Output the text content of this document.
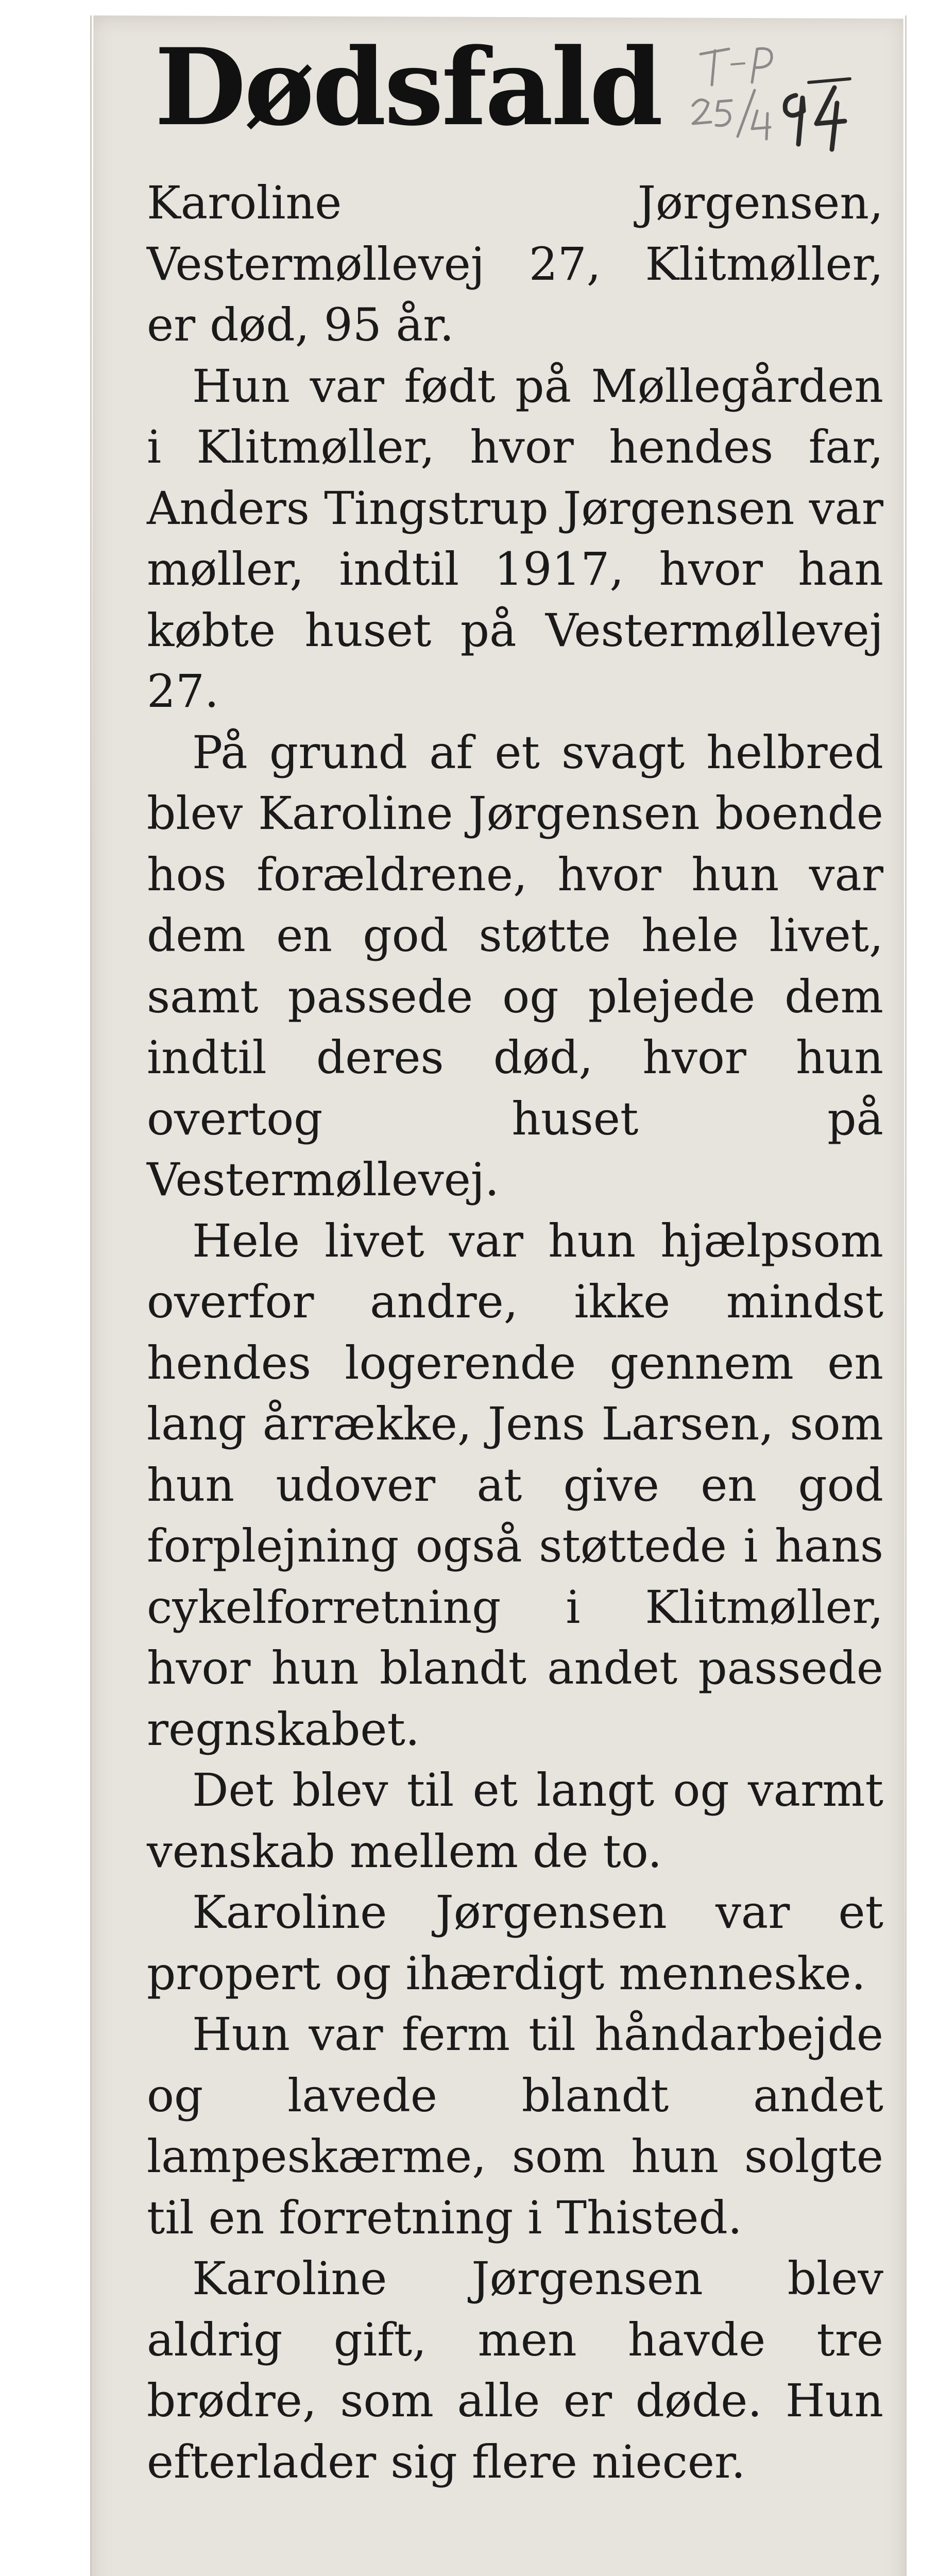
Dødsfald

Karoline Jørgensen, Vestermøllevej 27, Klitmøller, er død, 95 år.

Hun var født på Møllegården i Klitmøller, hvor hendes far, Anders Tingstrup Jørgensen var møller, indtil 1917, hvor han købte huset på Vestermøllevej 27.

På grund af et svagt helbred blev Karoline Jørgensen boende hos forældrene, hvor hun var dem en god støtte hele livet, samt passede og plejede dem indtil deres død, hvor hun overtog huset på Vestermøllevej.

Hele livet var hun hjælpsom overfor andre, ikke mindst hendes logerende gennem en lang årrække, Jens Larsen, som hun udover at give en god forplejning også støttede i hans cykelforretning i Klitmøller, hvor hun blandt andet passede regnskabet.

Det blev til et langt og varmt venskab mellem de to.

Karoline Jørgensen var et propert og ihærdigt menneske.

Hun var ferm til håndarbejde og lavede blandt andet lampeskærme, som hun solgte til en forretning i Thisted.

Karoline Jørgensen blev aldrig gift, men havde tre brødre, som alle er døde. Hun efterlader sig flere niecer.
